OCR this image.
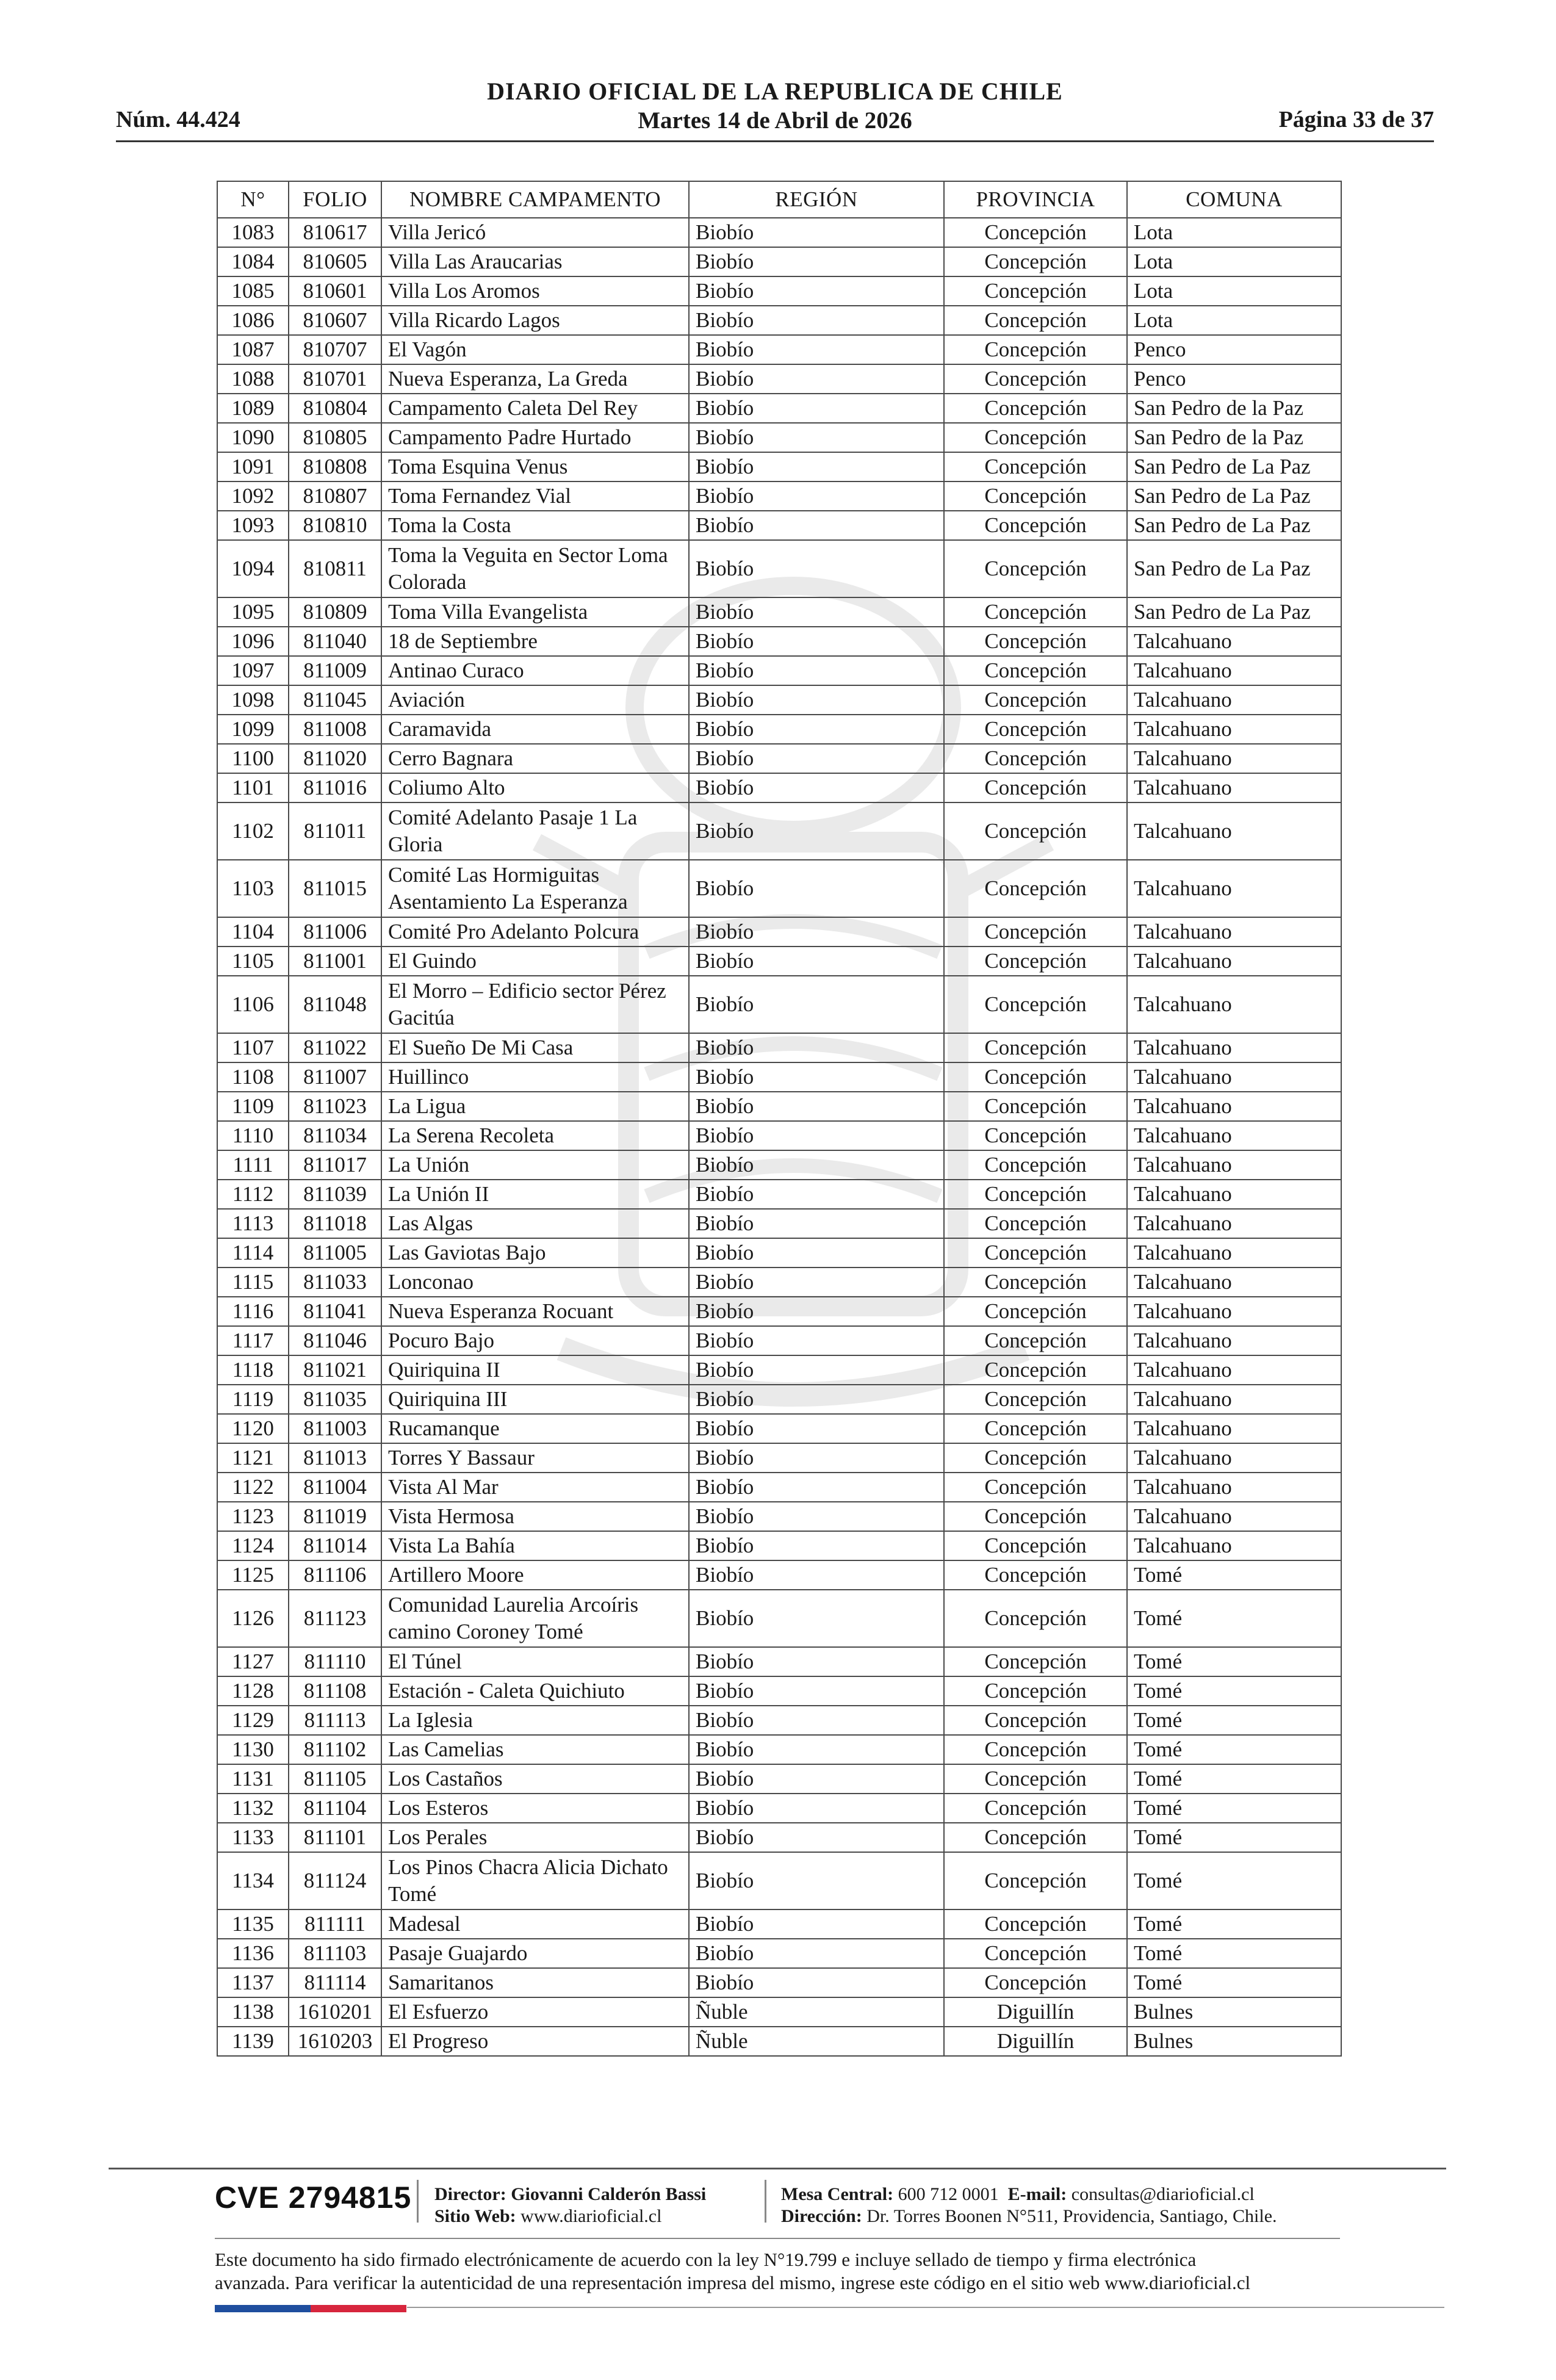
Núm. 44.424
DIARIO OFICIAL DE LA REPUBLICA DE CHILE
Martes 14 de Abril de 2026	Página 33 de 37
N°	FOLIO	NOMBRE CAMPAMENTO	REGIÓN	PROVINCIA	COMUNA
1083	810617	Villa Jericó	Biobío	Concepción	Lota
1084	810605	Villa Las Araucarias	Biobío	Concepción	Lota
1085	810601	Villa Los Aromos	Biobío	Concepción	Lota
1086	810607	Villa Ricardo Lagos	Biobío	Concepción	Lota
1087	810707	El Vagón	Biobío	Concepción	Penco
1088	810701	Nueva Esperanza, La Greda	Biobío	Concepción	Penco
1089	810804	Campamento Caleta Del Rey	Biobío	Concepción	San Pedro de la Paz
1090	810805	Campamento Padre Hurtado	Biobío	Concepción	San Pedro de la Paz
1091	810808	Toma Esquina Venus	Biobío	Concepción	San Pedro de La Paz
1092	810807	Toma Fernandez Vial	Biobío	Concepción	San Pedro de La Paz
1093	810810	Toma la Costa	Biobío	Concepción	San Pedro de La Paz
1094	810811	Toma la Veguita en Sector Loma Colorada	Biobío	Concepción	San Pedro de La Paz
1095	810809	Toma Villa Evangelista	Biobío	Concepción	San Pedro de La Paz
1096	811040	18 de Septiembre	Biobío	Concepción	Talcahuano
1097	811009	Antinao Curaco	Biobío	Concepción	Talcahuano
1098	811045	Aviación	Biobío	Concepción	Talcahuano
1099	811008	Caramavida	Biobío	Concepción	Talcahuano
1100	811020	Cerro Bagnara	Biobío	Concepción	Talcahuano
1101	811016	Coliumo Alto	Biobío	Concepción	Talcahuano
1102	811011	Comité Adelanto Pasaje 1 La Gloria	Biobío	Concepción	Talcahuano
1103	811015	Comité Las Hormiguitas Asentamiento La Esperanza	Biobío	Concepción	Talcahuano
1104	811006	Comité Pro Adelanto Polcura	Biobío	Concepción	Talcahuano
1105	811001	El Guindo	Biobío	Concepción	Talcahuano
1106	811048	El Morro – Edificio sector Pérez Gacitúa	Biobío	Concepción	Talcahuano
1107	811022	El Sueño De Mi Casa	Biobío	Concepción	Talcahuano
1108	811007	Huillinco	Biobío	Concepción	Talcahuano
1109	811023	La Ligua	Biobío	Concepción	Talcahuano
1110	811034	La Serena Recoleta	Biobío	Concepción	Talcahuano
1111	811017	La Unión	Biobío	Concepción	Talcahuano
1112	811039	La Unión II	Biobío	Concepción	Talcahuano
1113	811018	Las Algas	Biobío	Concepción	Talcahuano
1114	811005	Las Gaviotas Bajo	Biobío	Concepción	Talcahuano
1115	811033	Lonconao	Biobío	Concepción	Talcahuano
1116	811041	Nueva Esperanza Rocuant	Biobío	Concepción	Talcahuano
1117	811046	Pocuro Bajo	Biobío	Concepción	Talcahuano
1118	811021	Quiriquina II	Biobío	Concepción	Talcahuano
1119	811035	Quiriquina III	Biobío	Concepción	Talcahuano
1120	811003	Rucamanque	Biobío	Concepción	Talcahuano
1121	811013	Torres Y Bassaur	Biobío	Concepción	Talcahuano
1122	811004	Vista Al Mar	Biobío	Concepción	Talcahuano
1123	811019	Vista Hermosa	Biobío	Concepción	Talcahuano
1124	811014	Vista La Bahía	Biobío	Concepción	Talcahuano
1125	811106	Artillero Moore	Biobío	Concepción	Tomé
1126	811123	Comunidad Laurelia Arcoíris camino Coroney Tomé	Biobío	Concepción	Tomé
1127	811110	El Túnel	Biobío	Concepción	Tomé
1128	811108	Estación - Caleta Quichiuto	Biobío	Concepción	Tomé
1129	811113	La Iglesia	Biobío	Concepción	Tomé
1130	811102	Las Camelias	Biobío	Concepción	Tomé
1131	811105	Los Castaños	Biobío	Concepción	Tomé
1132	811104	Los Esteros	Biobío	Concepción	Tomé
1133	811101	Los Perales	Biobío	Concepción	Tomé
1134	811124	Los Pinos Chacra Alicia Dichato Tomé	Biobío	Concepción	Tomé
1135	811111	Madesal	Biobío	Concepción	Tomé
1136	811103	Pasaje Guajardo	Biobío	Concepción	Tomé
1137	811114	Samaritanos	Biobío	Concepción	Tomé
1138	1610201	El Esfuerzo	Ñuble	Diguillín	Bulnes
1139	1610203	El Progreso	Ñuble	Diguillín	Bulnes
CVE 2794815 Director: Giovanni Calderón Bassi
Sitio Web: www.diarioficial.cl
Mesa Central: 600 712 0001 E-mail: consultas@diarioficial.cl
Dirección: Dr. Torres Boonen N°511, Providencia, Santiago, Chile.
Este documento ha sido firmado electrónicamente de acuerdo con la ley N°19.799 e incluye sellado de tiempo y firma electrónica
avanzada. Para verificar la autenticidad de una representación impresa del mismo, ingrese este código en el sitio web www.diarioficial.cl
